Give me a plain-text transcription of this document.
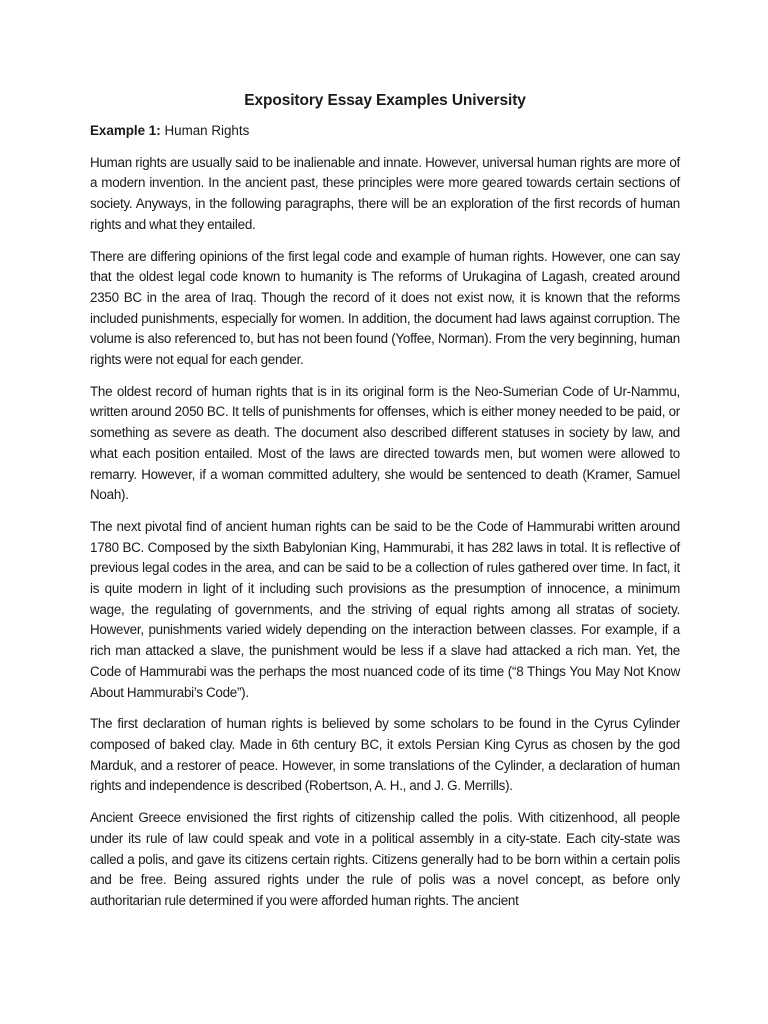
Expository Essay Examples University
Example 1: Human Rights

Human rights are usually said to be inalienable and innate. However, universal human rights are more of a modern invention. In the ancient past, these principles were more geared towards certain sections of society. Anyways, in the following paragraphs, there will be an exploration of the first records of human rights and what they entailed.

There are differing opinions of the first legal code and example of human rights. However, one can say that the oldest legal code known to humanity is The reforms of Urukagina of Lagash, created around 2350 BC in the area of Iraq. Though the record of it does not exist now, it is known that the reforms included punishments, especially for women. In addition, the document had laws against corruption. The volume is also referenced to, but has not been found (Yoffee, Norman). From the very beginning, human rights were not equal for each gender.

The oldest record of human rights that is in its original form is the Neo-Sumerian Code of Ur-Nammu, written around 2050 BC. It tells of punishments for offenses, which is either money needed to be paid, or something as severe as death. The document also described different statuses in society by law, and what each position entailed. Most of the laws are directed towards men, but women were allowed to remarry. However, if a woman committed adultery, she would be sentenced to death (Kramer, Samuel Noah).

The next pivotal find of ancient human rights can be said to be the Code of Hammurabi written around 1780 BC. Composed by the sixth Babylonian King, Hammurabi, it has 282 laws in total. It is reflective of previous legal codes in the area, and can be said to be a collection of rules gathered over time. In fact, it is quite modern in light of it including such provisions as the presumption of innocence, a minimum wage, the regulating of governments, and the striving of equal rights among all stratas of society. However, punishments varied widely depending on the interaction between classes. For example, if a rich man attacked a slave, the punishment would be less if a slave had attacked a rich man. Yet, the Code of Hammurabi was the perhaps the most nuanced code of its time (“8 Things You May Not Know About Hammurabi’s Code”).

The first declaration of human rights is believed by some scholars to be found in the Cyrus Cylinder composed of baked clay. Made in 6th century BC, it extols Persian King Cyrus as chosen by the god Marduk, and a restorer of peace. However, in some translations of the Cylinder, a declaration of human rights and independence is described (Robertson, A. H., and J. G. Merrills).

Ancient Greece envisioned the first rights of citizenship called the polis. With citizenhood, all people under its rule of law could speak and vote in a political assembly in a city-state. Each city-state was called a polis, and gave its citizens certain rights. Citizens generally had to be born within a certain polis and be free. Being assured rights under the rule of polis was a novel concept, as before only authoritarian rule determined if you were afforded human rights. The ancient
